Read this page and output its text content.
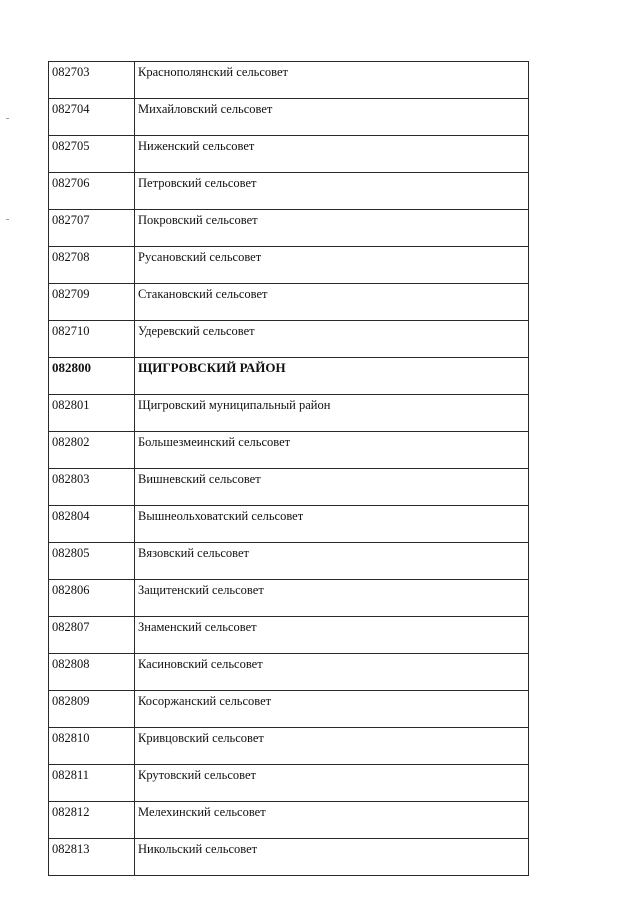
082703	Краснополянский сельсовет
082704	Михайловский сельсовет
082705	Ниженский сельсовет
082706	Петровский сельсовет
082707	Покровский сельсовет
082708	Русановский сельсовет
082709	Стакановский сельсовет
082710	Удеревский сельсовет
082800	ЩИГРОВСКИЙ РАЙОН
082801	Щигровский муниципальный район
082802	Большезмеинский сельсовет
082803	Вишневский сельсовет
082804	Вышнеольховатский сельсовет
082805	Вязовский сельсовет
082806	Защитенский сельсовет
082807	Знаменский сельсовет
082808	Касиновский сельсовет
082809	Косоржанский сельсовет
082810	Кривцовский сельсовет
082811	Крутовский сельсовет
082812	Мелехинский сельсовет
082813	Никольский сельсовет
